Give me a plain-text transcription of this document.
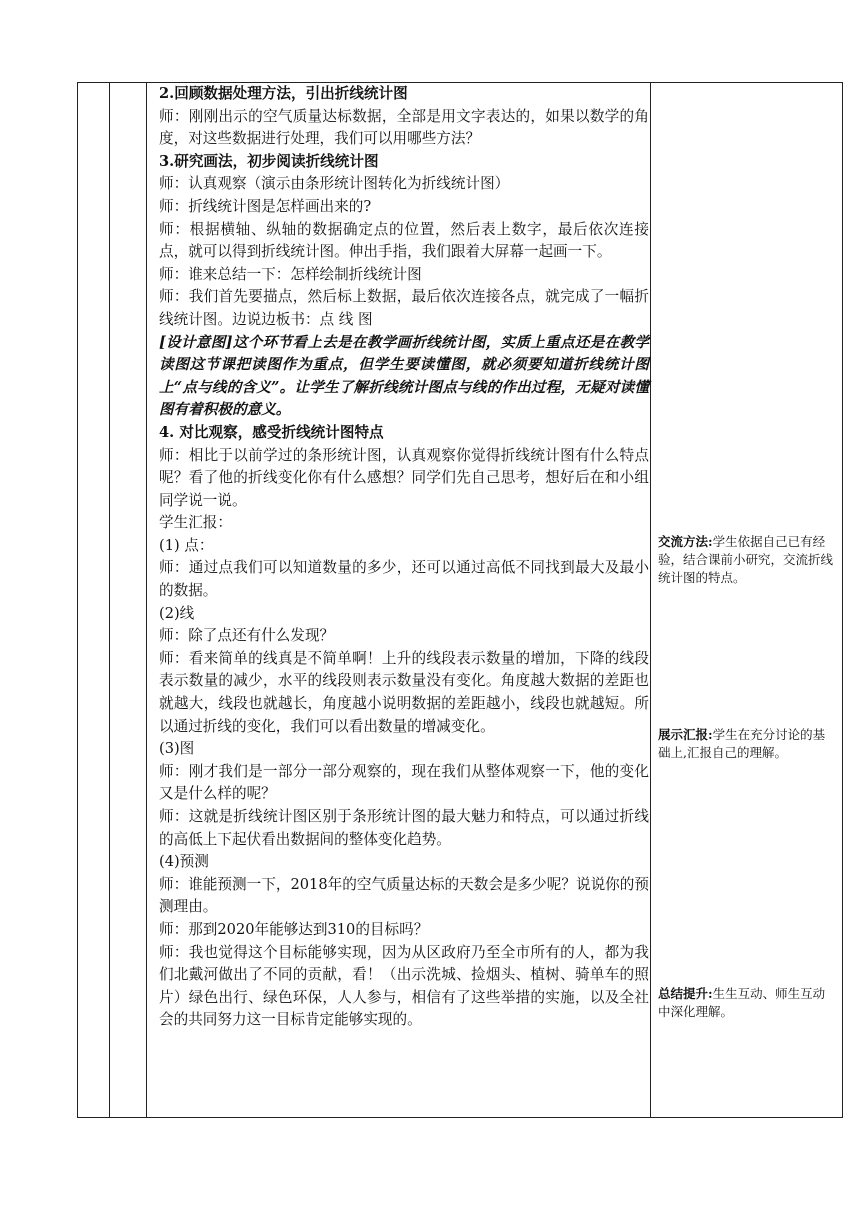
2.回顾数据处理方法，引出折线统计图

师：刚刚出示的空气质量达标数据，全部是用文字表达的，如果以数学的角度，对这些数据进行处理，我们可以用哪些方法？

3.研究画法，初步阅读折线统计图

师：认真观察（演示由条形统计图转化为折线统计图）

师：折线统计图是怎样画出来的?

师：根据横轴、纵轴的数据确定点的位置，然后表上数字，最后依次连接点，就可以得到折线统计图。伸出手指，我们跟着大屏幕一起画一下。

师：谁来总结一下：怎样绘制折线统计图

师：我们首先要描点，然后标上数据，最后依次连接各点，就完成了一幅折线统计图。边说边板书：点 线 图

[设计意图]这个环节看上去是在教学画折线统计图，实质上重点还是在教学读图这节课把读图作为重点，但学生要读懂图，就必须要知道折线统计图上“点与线的含义”。让学生了解折线统计图点与线的作出过程，无疑对读懂图有着积极的意义。

4. 对比观察，感受折线统计图特点

师：相比于以前学过的条形统计图，认真观察你觉得折线统计图有什么特点呢？看了他的折线变化你有什么感想？同学们先自己思考，想好后在和小组同学说一说。

学生汇报：

(1) 点：

师：通过点我们可以知道数量的多少，还可以通过高低不同找到最大及最小的数据。

(2)线

师：除了点还有什么发现？

师：看来简单的线真是不简单啊！上升的线段表示数量的增加，下降的线段表示数量的减少，水平的线段则表示数量没有变化。角度越大数据的差距也就越大，线段也就越长，角度越小说明数据的差距越小，线段也就越短。所以通过折线的变化，我们可以看出数量的增减变化。

(3)图

师：刚才我们是一部分一部分观察的，现在我们从整体观察一下，他的变化又是什么样的呢？

师：这就是折线统计图区别于条形统计图的最大魅力和特点，可以通过折线的高低上下起伏看出数据间的整体变化趋势。

(4)预测

师：谁能预测一下，2018年的空气质量达标的天数会是多少呢？说说你的预测理由。

师：那到2020年能够达到310的目标吗？

师：我也觉得这个目标能够实现，因为从区政府乃至全市所有的人，都为我们北戴河做出了不同的贡献，看！（出示洗城、捡烟头、植树、骑单车的照片）绿色出行、绿色环保，人人参与，相信有了这些举措的实施，以及全社会的共同努力这一目标肯定能够实现的。

交流方法:学生依据自己已有经验，结合课前小研究，交流折线统计图的特点。
展示汇报:学生在充分讨论的基础上,汇报自己的理解。
总结提升:生生互动、师生互动中深化理解。
